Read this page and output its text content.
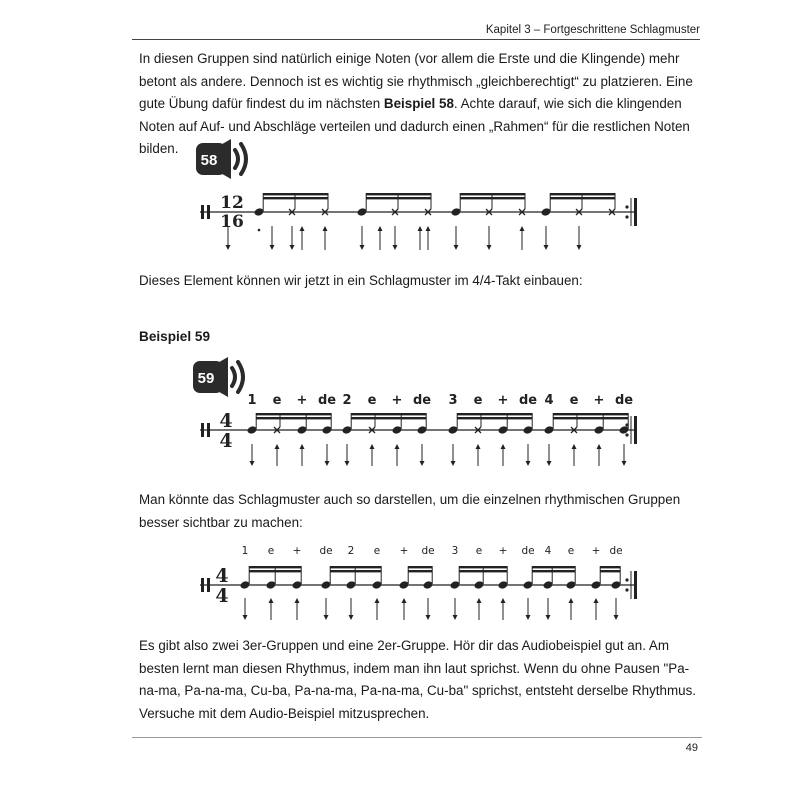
Kapitel 3 – Fortgeschrittene Schlagmuster

In diesen Gruppen sind natürlich einige Noten (vor allem die Erste und die Klingende) mehr betont als andere. Dennoch ist es wichtig sie rhythmisch „gleichberechtigt“ zu platzieren. Eine gute Übung dafür findest du im nächsten Beispiel 58. Achte darauf, wie sich die klingenden Noten auf Auf- und Abschläge verteilen und dadurch einen „Rahmen“ für die restlichen Noten bilden.

58
12
16

Dieses Element können wir jetzt in ein Schlagmuster im 4/4-Takt einbauen:

Beispiel 59
59
1 e + de 2 e + de 3 e + de 4 e + de
4
4

Man könnte das Schlagmuster auch so darstellen, um die einzelnen rhythmischen Gruppen besser sichtbar zu machen:

1 e + de 2 e + de 3 e + de 4 e + de
4
4

Es gibt also zwei 3er-Gruppen und eine 2er-Gruppe. Hör dir das Audiobeispiel gut an. Am besten lernt man diesen Rhythmus, indem man ihn laut sprichst. Wenn du ohne Pausen "Pa-na-ma, Pa-na-ma, Cu-ba, Pa-na-ma, Pa-na-ma, Cu-ba" sprichst, entsteht derselbe Rhythmus. Versuche mit dem Audio-Beispiel mitzusprechen.

49
